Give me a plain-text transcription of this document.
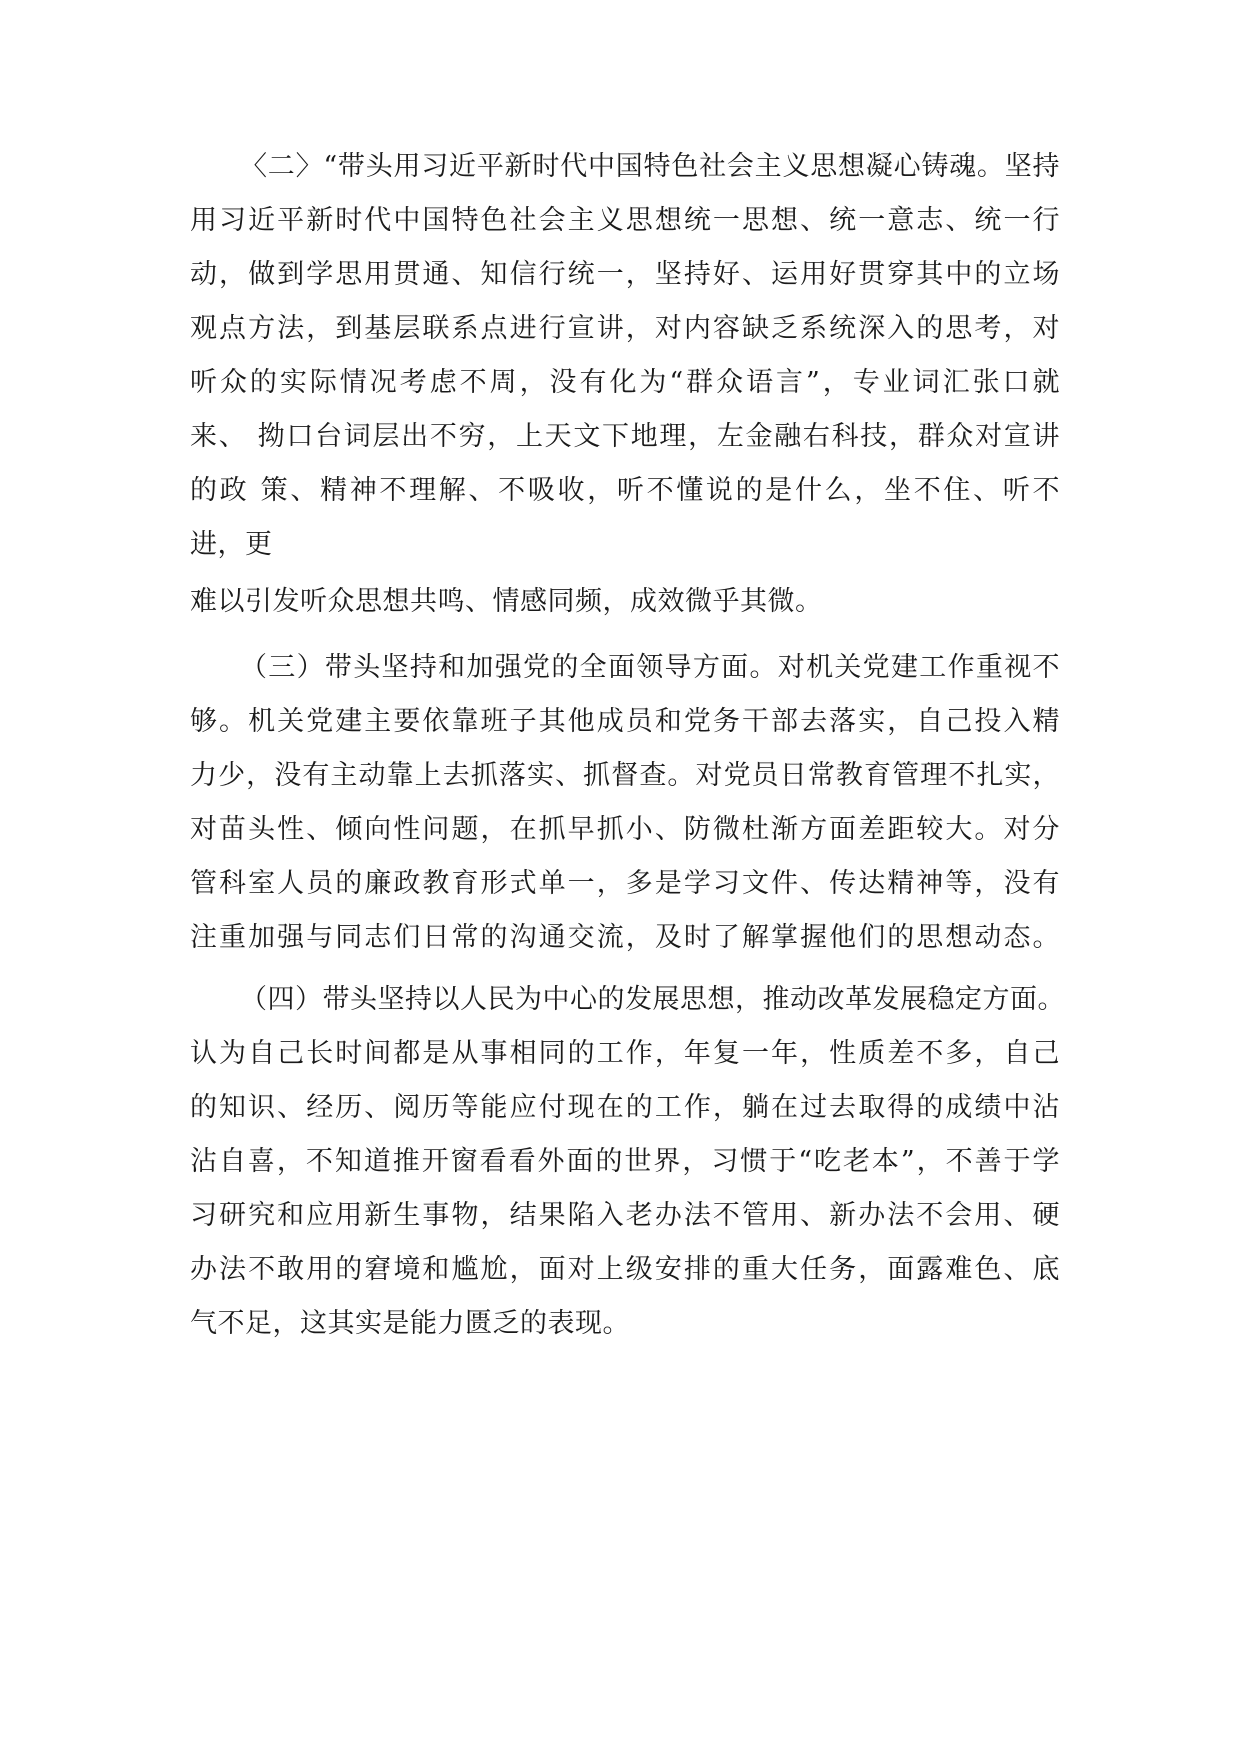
〈二〉“带头用习近平新时代中国特色社会主义思想凝心铸魂。坚持
用习近平新时代中国特色社会主义思想统一思想、统一意志、统一行
动，做到学思用贯通、知信行统一，坚持好、运用好贯穿其中的立场
观点方法，到基层联系点进行宣讲，对内容缺乏系统深入的思考，对
听众的实际情况考虑不周，没有化为“群众语言”，专业词汇张口就
来、 拗口台词层出不穷，上天文下地理，左金融右科技，群众对宣讲
的政 策、精神不理解、不吸收，听不懂说的是什么，坐不住、听不
进，更
难以引发听众思想共鸣、情感同频，成效微乎其微。
（三）带头坚持和加强党的全面领导方面。对机关党建工作重视不
够。机关党建主要依靠班子其他成员和党务干部去落实，自己投入精
力少，没有主动靠上去抓落实、抓督查。对党员日常教育管理不扎实，
对苗头性、倾向性问题，在抓早抓小、防微杜渐方面差距较大。对分
管科室人员的廉政教育形式单一，多是学习文件、传达精神等，没有
注重加强与同志们日常的沟通交流，及时了解掌握他们的思想动态。
（四）带头坚持以人民为中心的发展思想，推动改革发展稳定方面。
认为自己长时间都是从事相同的工作，年复一年，性质差不多，自己
的知识、经历、阅历等能应付现在的工作，躺在过去取得的成绩中沾
沾自喜，不知道推开窗看看外面的世界，习惯于“吃老本”，不善于学
习研究和应用新生事物，结果陷入老办法不管用、新办法不会用、硬
办法不敢用的窘境和尴尬，面对上级安排的重大任务，面露难色、底
气不足，这其实是能力匮乏的表现。
